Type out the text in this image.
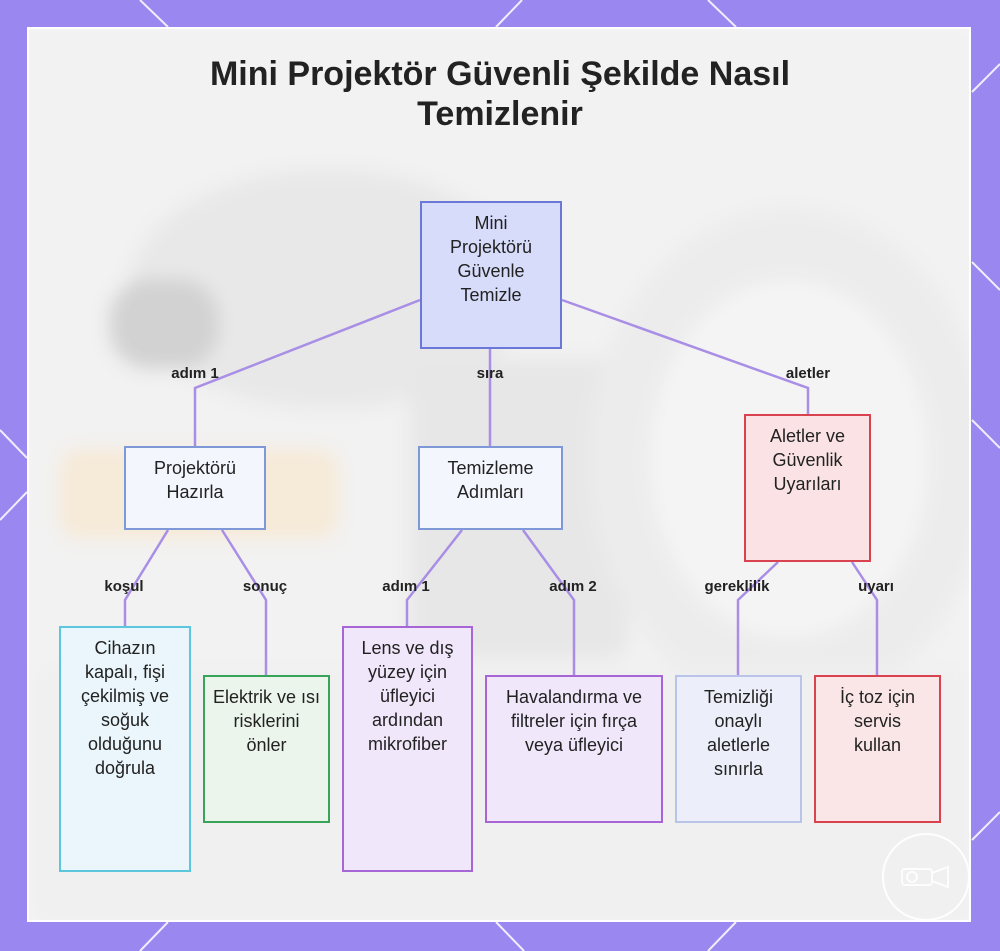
Mini Projektör Güvenli Şekilde Nasıl
Temizlenir
adım 1	sıra	aletler
koşul	sonuç	adım 1	adım 2	gereklilik	uyarı
Mini Projektörü Güvenle Temizle
Projektörü Hazırla
Temizleme Adımları
Aletler ve Güvenlik Uyarıları
Cihazın kapalı, fişi çekilmiş ve soğuk olduğunu doğrula
Elektrik ve ısı risklerini önler
Lens ve dış yüzey için üfleyici ardından mikrofiber
Havalandırma ve filtreler için fırça veya üfleyici
Temizliği onaylı aletlerle sınırla
İç toz için servis kullan
